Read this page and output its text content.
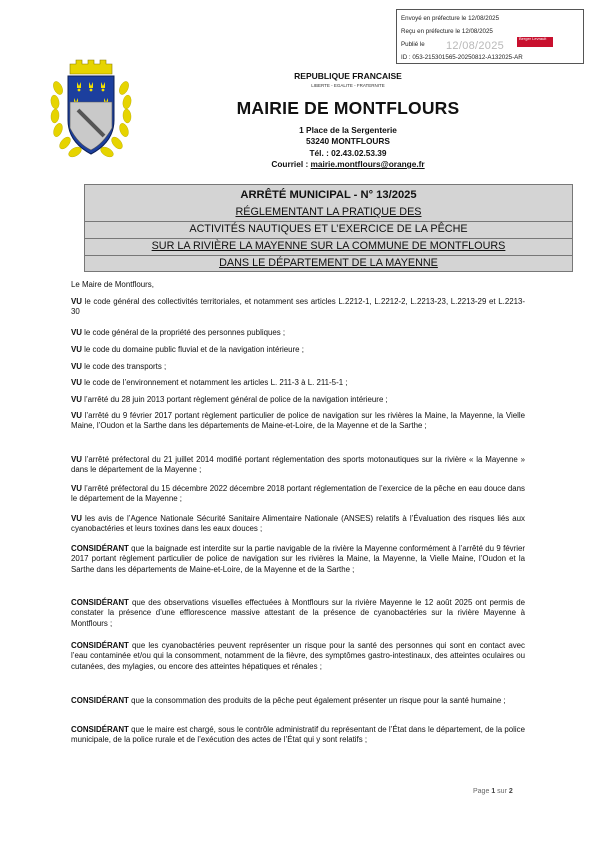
Envoyé en préfecture le 12/08/2025
Reçu en préfecture le 12/08/2025
Publié le 12/08/2025
Berger Levrault
ID : 053-215301565-20250812-A132025-AR
REPUBLIQUE FRANCAISE
LIBERTE - EGALITE - FRATERNITE
MAIRIE DE MONTFLOURS
1 Place de la Sergenterie
53240 MONTFLOURS
Tél. : 02.43.02.53.39
Courriel : mairie.montflours@orange.fr
ARRÊTÉ MUNICIPAL - N° 13/2025
RÉGLEMENTANT LA PRATIQUE DES
ACTIVITÉS NAUTIQUES ET L’EXERCICE DE LA PÊCHE
SUR LA RIVIÈRE LA MAYENNE SUR LA COMMUNE DE MONTFLOURS
DANS LE DÉPARTEMENT DE LA MAYENNE
Le Maire de Montflours,
VU le code général des collectivités territoriales, et notamment ses articles L.2212-1, L.2212-2, L.2213-23, L.2213-29 et L.2213-30
VU le code général de la propriété des personnes publiques ;
VU le code du domaine public fluvial et de la navigation intérieure ;
VU le code des transports ;
VU le code de l’environnement et notamment les articles L. 211-3 à L. 211-5-1 ;
VU l’arrêté du 28 juin 2013 portant règlement général de police de la navigation intérieure ;
VU l’arrêté du 9 février 2017 portant règlement particulier de police de navigation sur les rivières la Maine, la Mayenne, la Vielle Maine, l’Oudon et la Sarthe dans les départements de Maine-et-Loire, de la Mayenne et de la Sarthe ;
VU l’arrêté préfectoral du 21 juillet 2014 modifié portant réglementation des sports motonautiques sur la rivière « la Mayenne » dans le département de la Mayenne ;
VU l’arrêté préfectoral du 15 décembre 2022 décembre 2018 portant réglementation de l’exercice de la pêche en eau douce dans le département de la Mayenne ;
VU les avis de l’Agence Nationale Sécurité Sanitaire Alimentaire Nationale (ANSES) relatifs à l’Évaluation des risques liés aux cyanobactéries et leurs toxines dans les eaux douces ;
CONSIDÉRANT que la baignade est interdite sur la partie navigable de la rivière la Mayenne conformément à l’arrêté du 9 février 2017 portant règlement particulier de police de navigation sur les rivières la Maine, la Mayenne, la Vielle Maine, l’Oudon et la Sarthe dans les départements de Maine-et-Loire, de la Mayenne et de la Sarthe ;
CONSIDÉRANT que des observations visuelles effectuées à Montflours sur la rivière Mayenne le 12 août 2025 ont permis de constater la présence d’une efflorescence massive attestant de la présence de cyanobactéries sur la rivière Mayenne à Montflours ;
CONSIDÉRANT que les cyanobactéries peuvent représenter un risque pour la santé des personnes qui sont en contact avec l’eau contaminée et/ou qui la consomment, notamment de la fièvre, des symptômes gastro-intestinaux, des atteintes oculaires ou cutanées, des mylagies, ou encore des atteintes hépatiques et rénales ;
CONSIDÉRANT que la consommation des produits de la pêche peut également présenter un risque pour la santé humaine ;
CONSIDÉRANT que le maire est chargé, sous le contrôle administratif du représentant de l’État dans le département, de la police municipale, de la police rurale et de l’exécution des actes de l’État qui y sont relatifs ;
Page 1 sur 2
